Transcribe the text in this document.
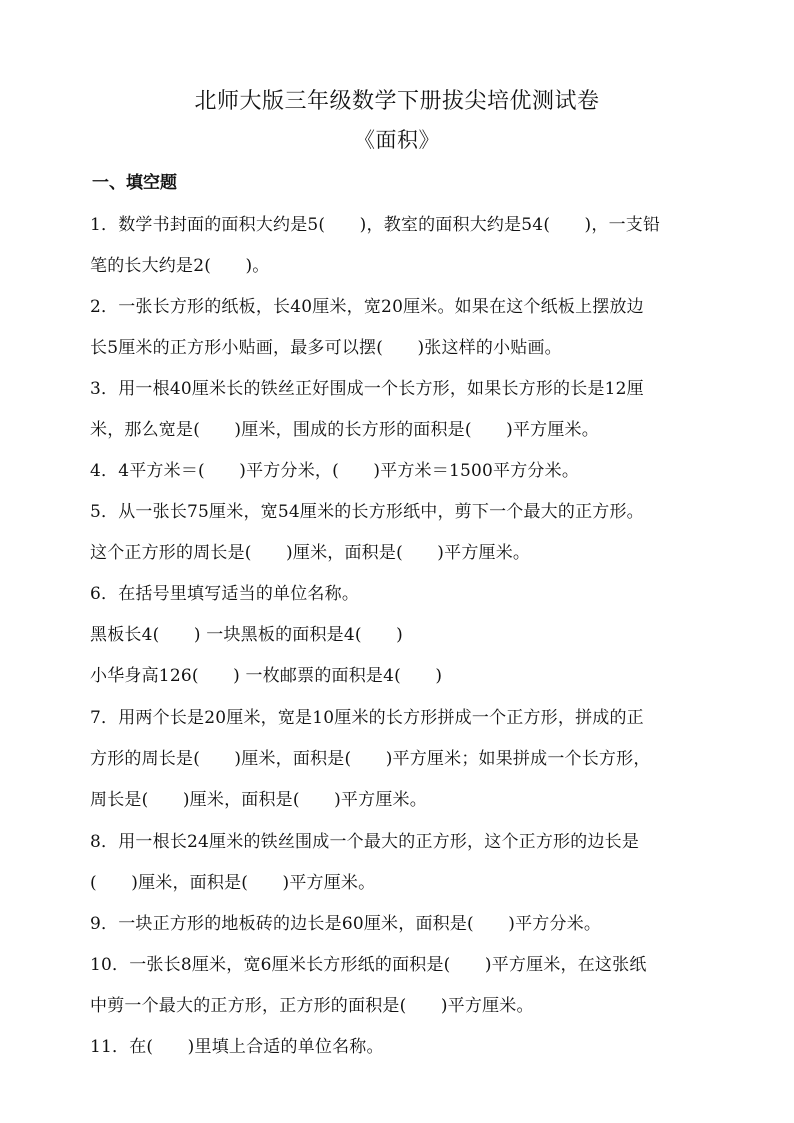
北师大版三年级数学下册拔尖培优测试卷
《面积》
一、填空题
1．数学书封面的面积大约是5(　　)，教室的面积大约是54(　　)，一支铅
笔的长大约是2(　　)。
2．一张长方形的纸板，长40厘米，宽20厘米。如果在这个纸板上摆放边
长5厘米的正方形小贴画，最多可以摆(　　)张这样的小贴画。
3．用一根40厘米长的铁丝正好围成一个长方形，如果长方形的长是12厘
米，那么宽是(　　)厘米，围成的长方形的面积是(　　)平方厘米。
4．4平方米＝(　　)平方分米，(　　)平方米＝1500平方分米。
5．从一张长75厘米，宽54厘米的长方形纸中，剪下一个最大的正方形。
这个正方形的周长是(　　)厘米，面积是(　　)平方厘米。
6．在括号里填写适当的单位名称。
黑板长4(　　) 一块黑板的面积是4(　　)
小华身高126(　　) 一枚邮票的面积是4(　　)
7．用两个长是20厘米，宽是10厘米的长方形拼成一个正方形，拼成的正
方形的周长是(　　)厘米，面积是(　　)平方厘米；如果拼成一个长方形，
周长是(　　)厘米，面积是(　　)平方厘米。
8．用一根长24厘米的铁丝围成一个最大的正方形，这个正方形的边长是
(　　)厘米，面积是(　　)平方厘米。
9．一块正方形的地板砖的边长是60厘米，面积是(　　)平方分米。
10．一张长8厘米，宽6厘米长方形纸的面积是(　　)平方厘米，在这张纸
中剪一个最大的正方形，正方形的面积是(　　)平方厘米。
11．在(　　)里填上合适的单位名称。
